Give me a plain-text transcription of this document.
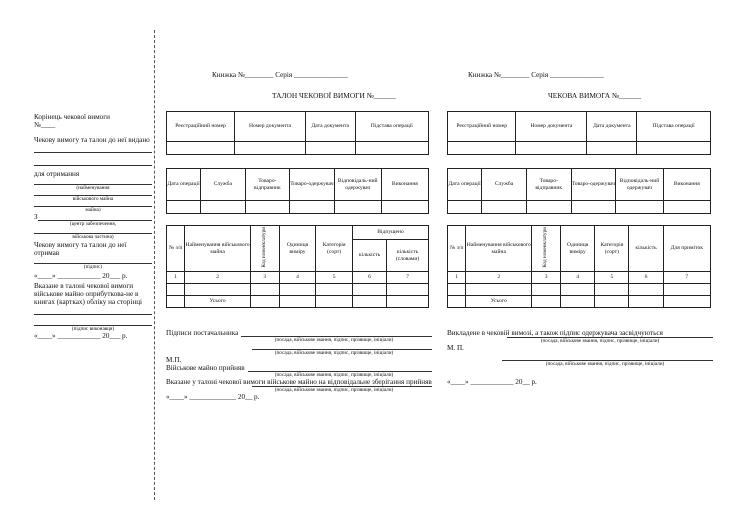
Корінець чекової вимоги
№____
Чекову вимогу та талон до неї видано
для отримання
(найменування
військового майна
майна)
З
(центр забезпечення,
військова частина)
Чекову вимогу та талон до неї отримав
(підпис)
«____» ____________ 20___ р.
Вказане в талоні чекової вимоги військове майно оприбуткова-не в книгах (картках) обліку на сторінці
(підпис виконавця)
«____» ____________ 20___ р.
Книжка №________ Серія _______________
ТАЛОН ЧЕКОВОЇ ВИМОГИ №______
Реєстраційний номер	Номер документа	Дата документа	Підстава операції

Дата операції	Служба	Товаро-відправник	Товаро-одержувач	Відповідаль-ний одержувач	Виконання

№ з/п	Найменування військового майна	Код номенклатури	Одиниця виміру	Категорія (сорт)	Відпущено	
					кількість	кількість (словами)
1	2	3	4	5	6	7

	Усього					
Підписи постачальника
(посада, військове звання, підпис, прізвище, ініціали)
(посада, військове звання, підпис, прізвище, ініціали)
М.П.
Військове майно прийняв
(посада, військове звання, підпис, прізвище, ініціали)
Вказане у талоні чекової вимоги військове майно на відповідальне зберігання прийняв
(посада, військове звання, підпис, прізвище, ініціали)
«____» _____________ 20__ р.
Книжка №________ Серія _______________
ЧЕКОВА ВИМОГА №______
Реєстраційний номер	Номер документа	Дата документа	Підстава операції

Дата операції	Служба	Товаро-відправник	Товаро-одержувач	Відповідаль-ний одержувач	Виконання

№ з/п	Найменування військового майна	Код номенклатури	Одиниця виміру	Категорія (сорт)	кількість	Для приміток
1	2	3	4	5	6	7

	Усього					
Викладене в чековій вимозі, а також підпис одержувача засвідчуються
(посада, військове звання, підпис, прізвище, ініціали)
М. П.
(посада, військове звання, підпис, прізвище, ініціали)
«____» ____________ 20__ р.
